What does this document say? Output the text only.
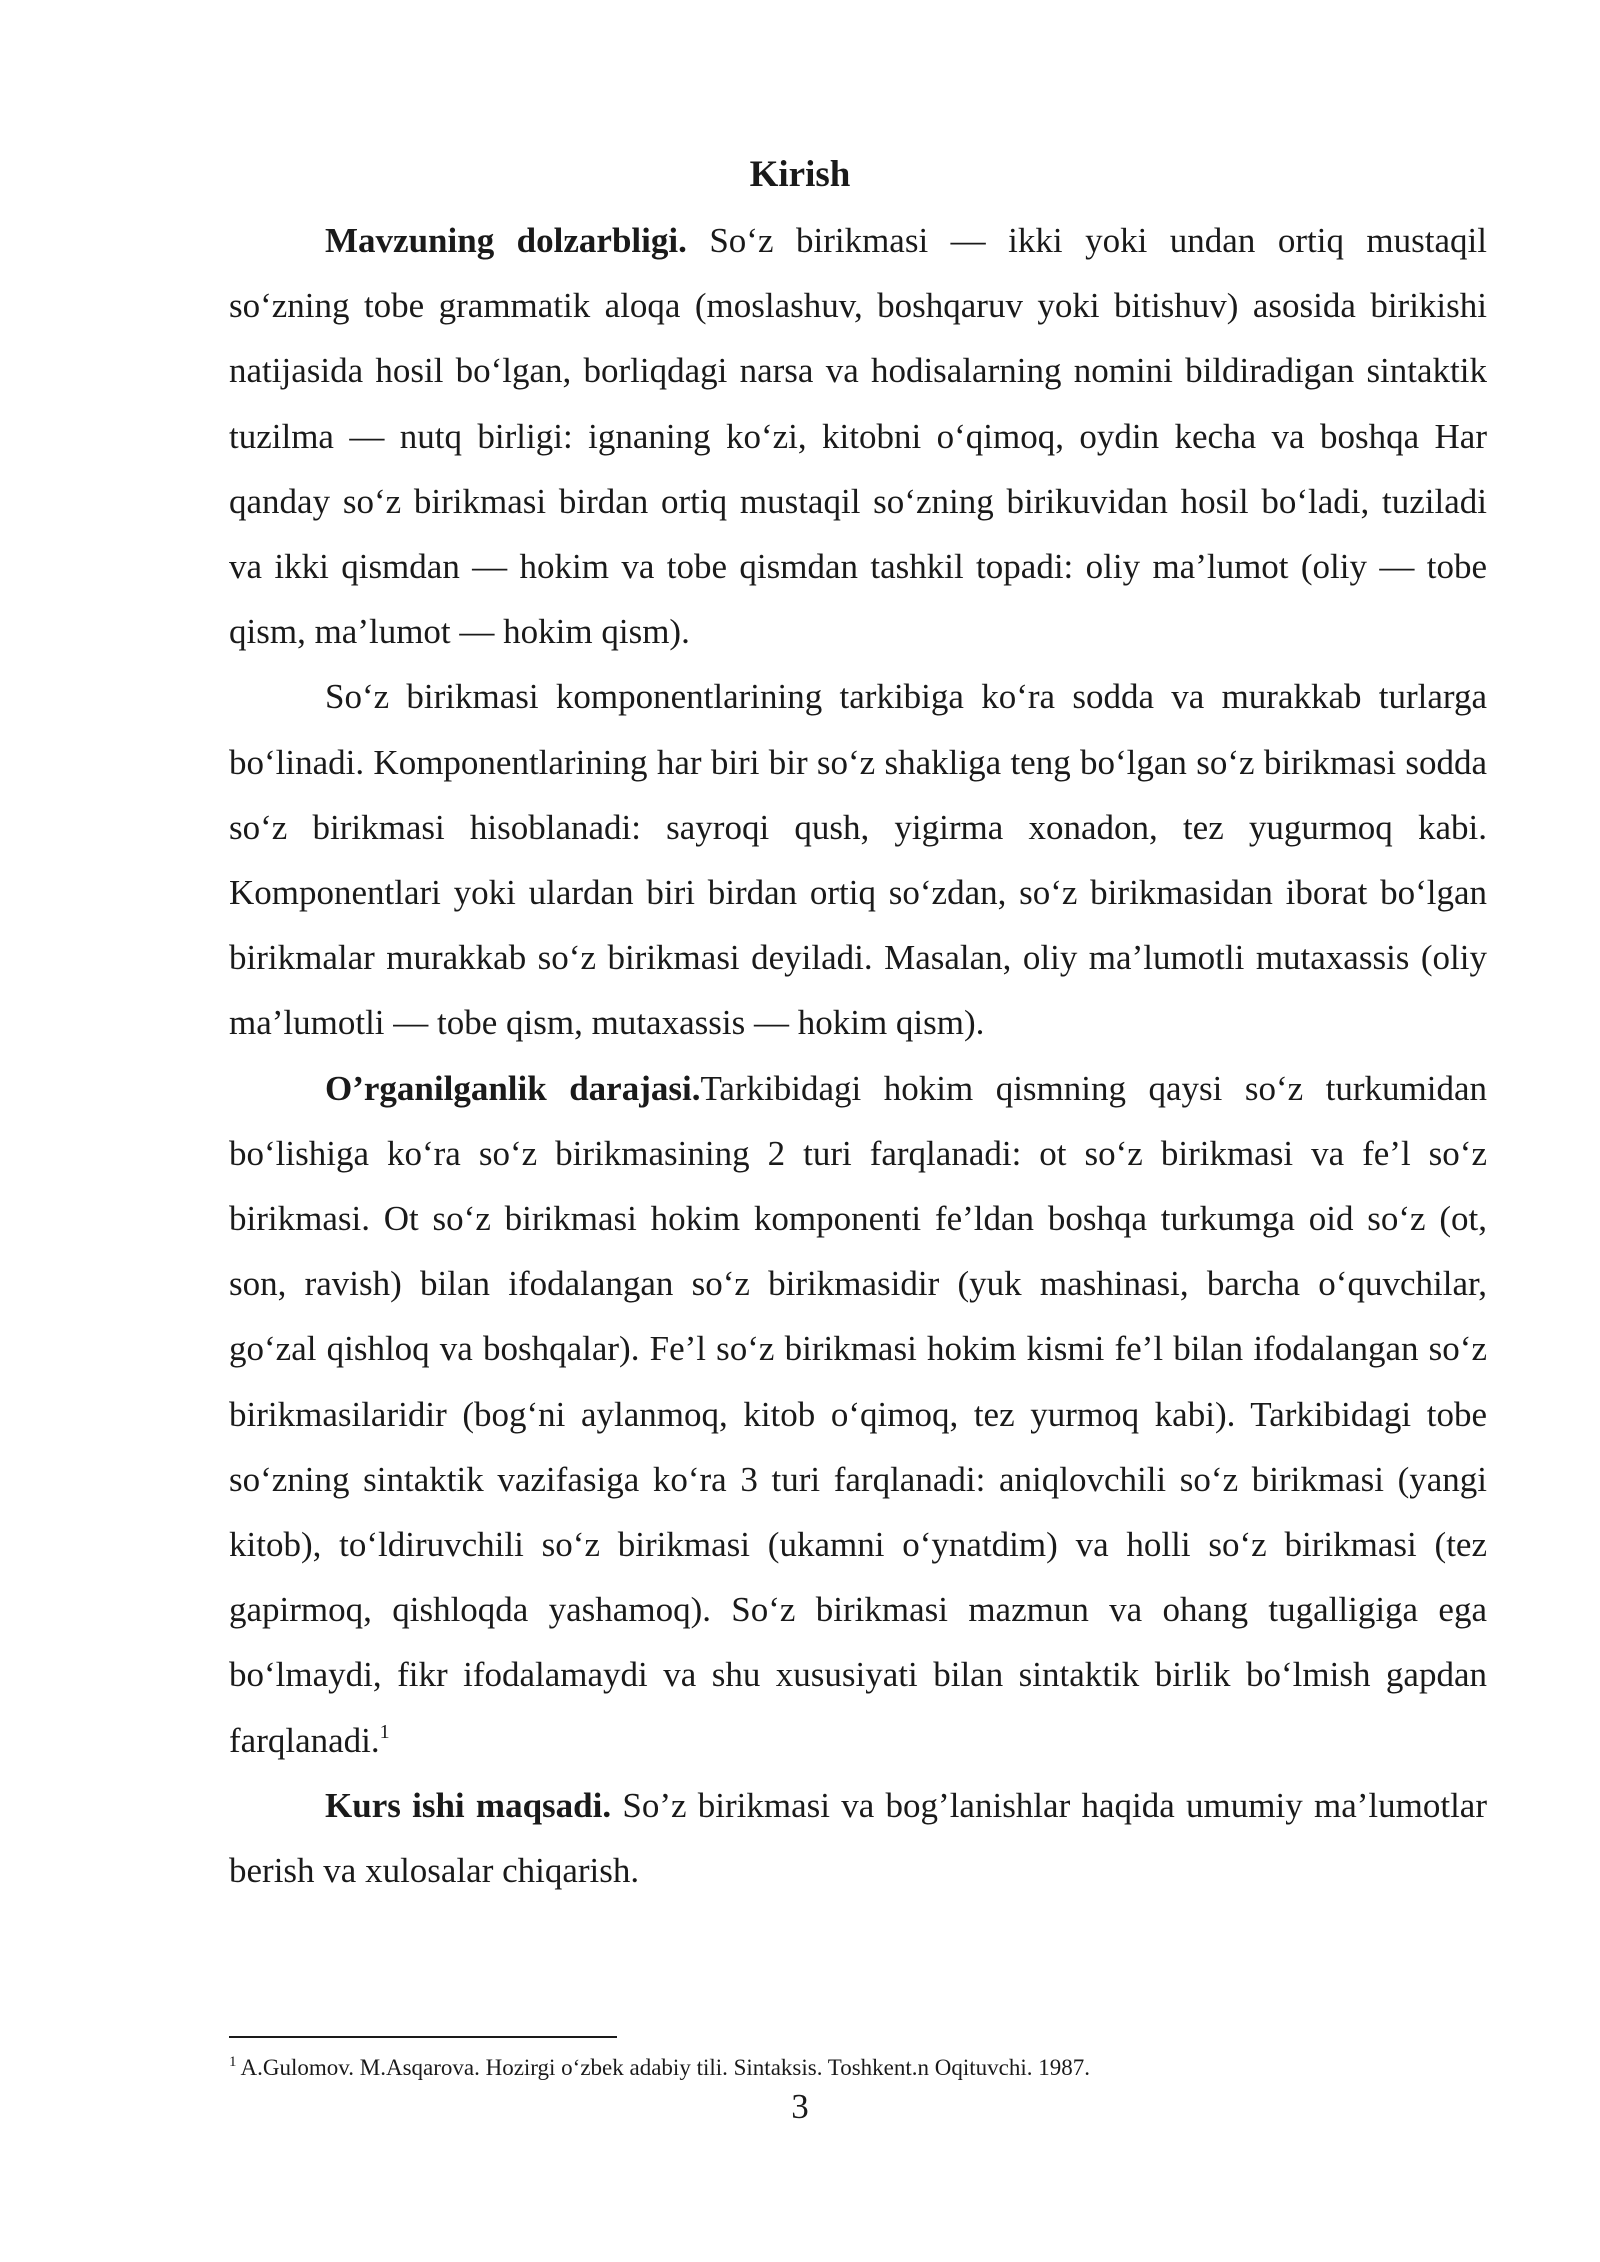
Kirish

Mavzuning dolzarbligi. So‘z birikmasi — ikki yoki undan ortiq mustaqil so‘zning tobe grammatik aloqa (moslashuv, boshqaruv yoki bitishuv) asosida birikishi natijasida hosil bo‘lgan, borliqdagi narsa va hodisalarning nomini bildiradigan sintaktik tuzilma — nutq birligi: ignaning ko‘zi, kitobni o‘qimoq, oydin kecha va boshqa Har qanday so‘z birikmasi birdan ortiq mustaqil so‘zning birikuvidan hosil bo‘ladi, tuziladi va ikki qismdan — hokim va tobe qismdan tashkil topadi: oliy ma’lumot (oliy — tobe qism, ma’lumot — hokim qism).

So‘z birikmasi komponentlarining tarkibiga ko‘ra sodda va murakkab turlarga bo‘linadi. Komponentlarining har biri bir so‘z shakliga teng bo‘lgan so‘z birikmasi sodda so‘z birikmasi hisoblanadi: sayroqi qush, yigirma xonadon, tez yugurmoq kabi. Komponentlari yoki ulardan biri birdan ortiq so‘zdan, so‘z birikmasidan iborat bo‘lgan birikmalar murakkab so‘z birikmasi deyiladi. Masalan, oliy ma’lumotli mutaxassis (oliy ma’lumotli — tobe qism, mutaxassis — hokim qism).

O’rganilganlik darajasi.Tarkibidagi hokim qismning qaysi so‘z turkumidan bo‘lishiga ko‘ra so‘z birikmasining 2 turi farqlanadi: ot so‘z birikmasi va fe’l so‘z birikmasi. Ot so‘z birikmasi hokim komponenti fe’ldan boshqa turkumga oid so‘z (ot, son, ravish) bilan ifodalangan so‘z birikmasidir (yuk mashinasi, barcha o‘quvchilar, go‘zal qishloq va boshqalar). Fe’l so‘z birikmasi hokim kismi fe’l bilan ifodalangan so‘z birikmasilaridir (bog‘ni aylanmoq, kitob o‘qimoq, tez yurmoq kabi). Tarkibidagi tobe so‘zning sintaktik vazifasiga ko‘ra 3 turi farqlanadi: aniqlovchili so‘z birikmasi (yangi kitob), to‘ldiruvchili so‘z birikmasi (ukamni o‘ynatdim) va holli so‘z birikmasi (tez gapirmoq, qishloqda yashamoq). So‘z birikmasi mazmun va ohang tugalligiga ega bo‘lmaydi, fikr ifodalamaydi va shu xususiyati bilan sintaktik birlik bo‘lmish gapdan farqlanadi.$^1$

Kurs ishi maqsadi. So’z birikmasi va bog’lanishlar haqida umumiy ma’lumotlar berish va xulosalar chiqarish.

$^1$ A.Gulomov. M.Asqarova. Hozirgi o‘zbek adabiy tili. Sintaksis. Toshkent.n Oqituvchi. 1987.
3
